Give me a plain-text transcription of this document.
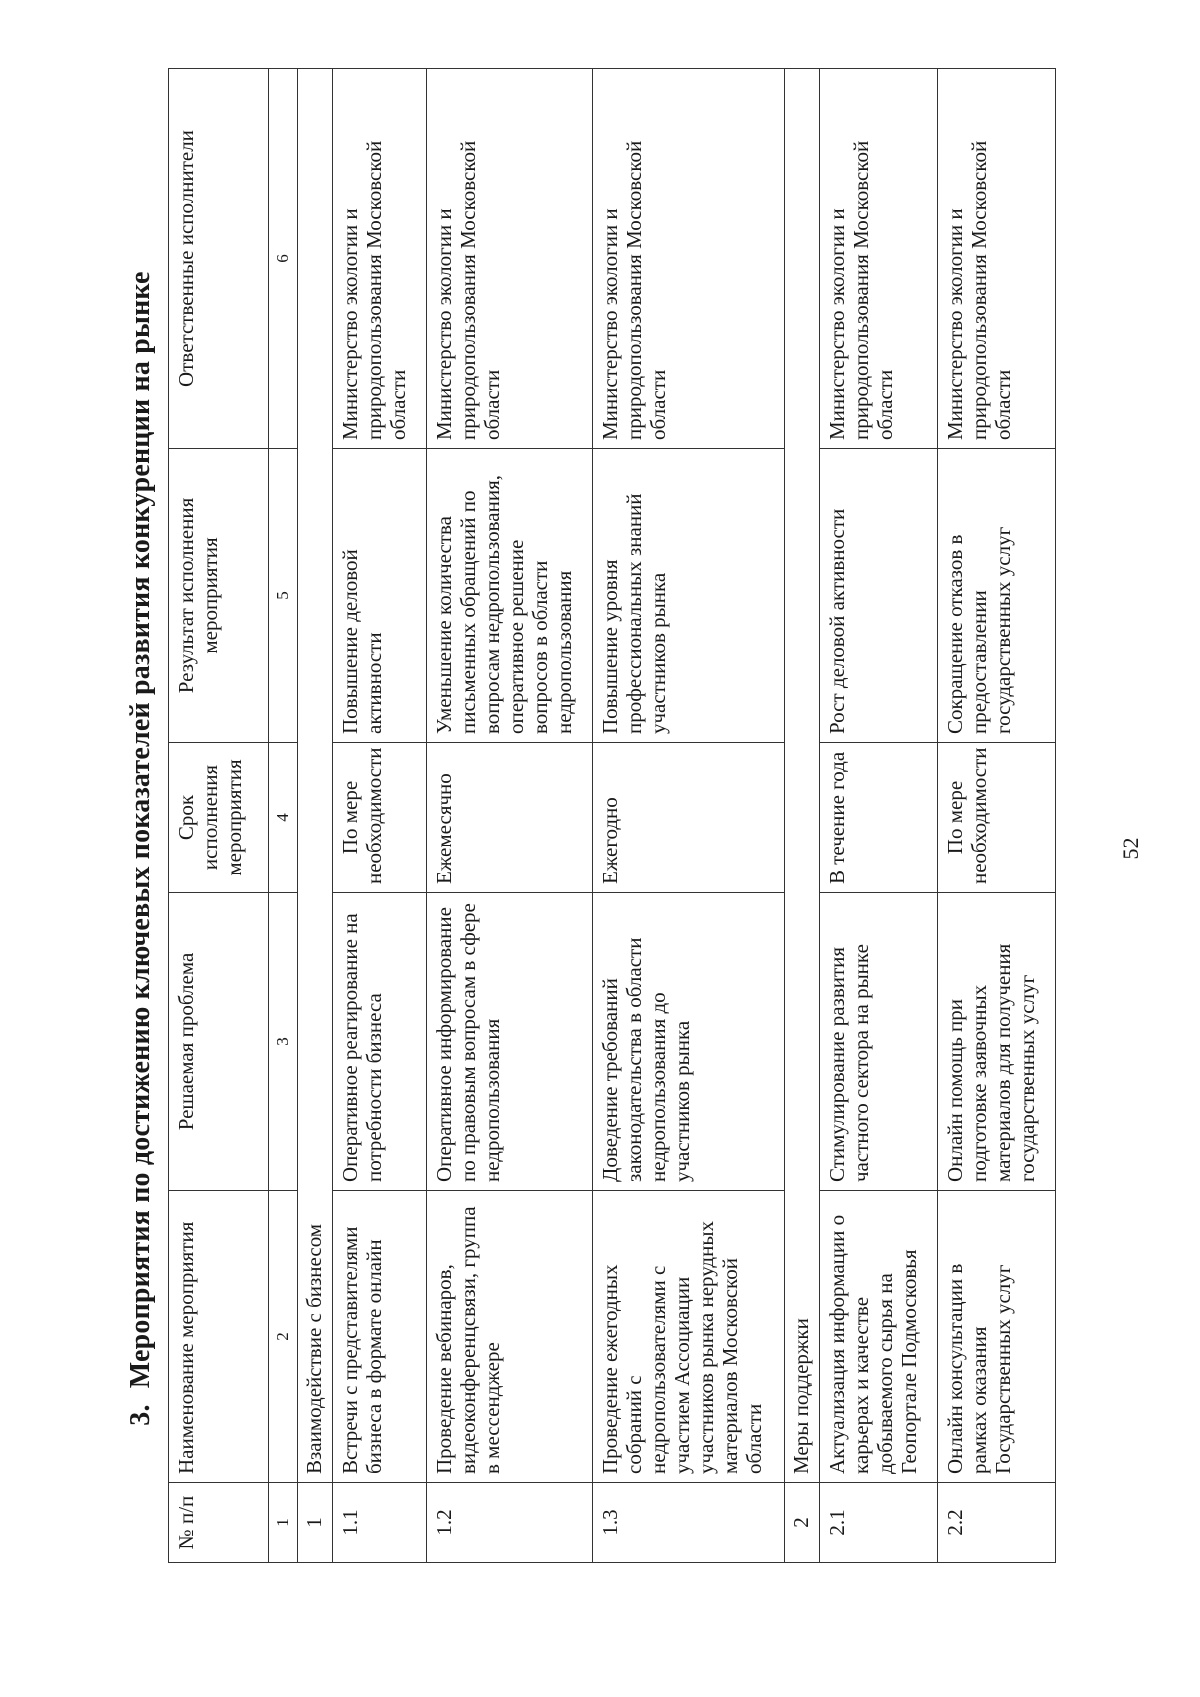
52
3.Мероприятия по достижению ключевых показателей развития конкуренции на рынке
№ п/п	Наименование мероприятия	Решаемая проблема	Срок исполнения мероприятия	Результат исполнения мероприятия	Ответственные исполнители
1	2	3	4	5	6
1	Взаимодействие с бизнесом				
1.1	Встречи с представителями бизнеса в формате онлайн	Оперативное реагирование на потребности бизнеса	По мере необходимости	Повышение деловой активности	Министерство экологии и природопользования Московской области
1.2	Проведение вебинаров, видеоконференцсвязи, группа в мессенджере	Оперативное информирование по правовым вопросам в сфере недропользования	Ежемесячно	Уменьшение количества письменных обращений по вопросам недропользования, оперативное решение вопросов в области недропользования	Министерство экологии и природопользования Московской области
1.3	Проведение ежегодных собраний с недропользователями с участием Ассоциации участников рынка нерудных материалов Московской области	Доведение требований законодательства в области недропользования до участников рынка	Ежегодно	Повышение уровня профессиональных знаний участников рынка	Министерство экологии и природопользования Московской области
2	Меры поддержки				
2.1	Актуализация информации о карьерах и качестве добываемого сырья на Геопортале Подмосковья	Стимулирование развития частного сектора на рынке	В течение года	Рост деловой активности	Министерство экологии и природопользования Московской области
2.2	Онлайн консультации в рамках оказания Государственных услуг	Онлайн помощь при подготовке заявочных материалов для получения государственных услуг	По мере необходимости	Сокращение отказов в предоставлении государственных услуг	Министерство экологии и природопользования Московской области
